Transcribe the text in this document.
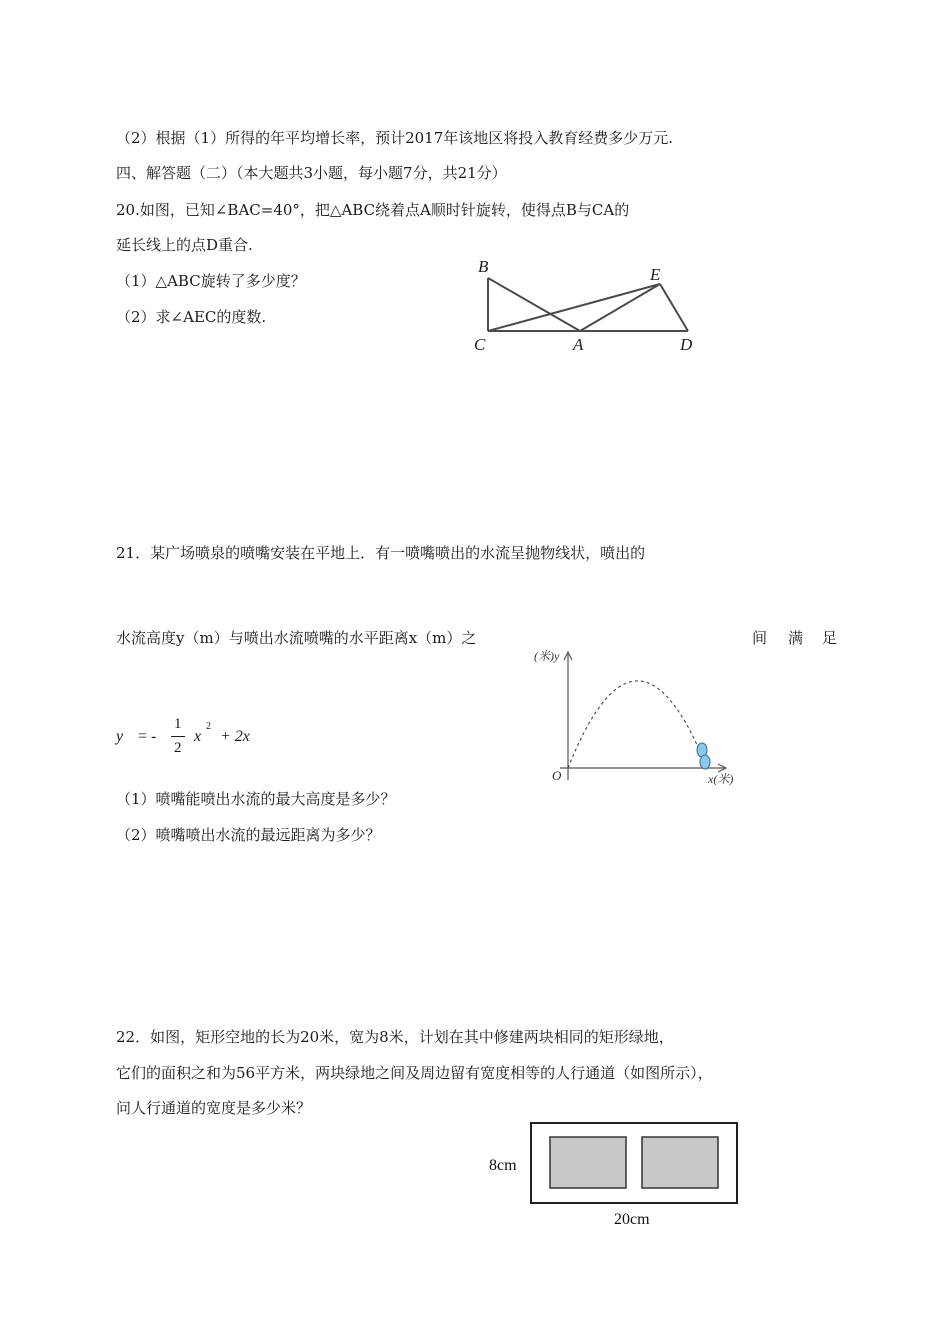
（2）根据（1）所得的年平均增长率，预计2017年该地区将投入教育经费多少万元.
四、解答题（二）（本大题共3小题，每小题7分，共21分）
20.如图，已知∠BAC=40°，把△ABC绕着点A顺时针旋转，使得点B与CA的
延长线上的点D重合.
（1）△ABC旋转了多少度？
（2）求∠AEC的度数.
B	E
C	A	D
21．某广场喷泉的喷嘴安装在平地上．有一喷嘴喷出的水流呈抛物线状，喷出的
水流高度y（m）与喷出水流喷嘴的水平距离x（m）之	间 满 足
y = -
1
2
x
2
+ 2x
（1）喷嘴能喷出水流的最大高度是多少？
（2）喷嘴喷出水流的最远距离为多少？
(米)y
x(米)
O
22．如图，矩形空地的长为20米，宽为8米，计划在其中修建两块相同的矩形绿地，
它们的面积之和为56平方米，两块绿地之间及周边留有宽度相等的人行通道（如图所示），
问人行通道的宽度是多少米？
8cm
20cm
